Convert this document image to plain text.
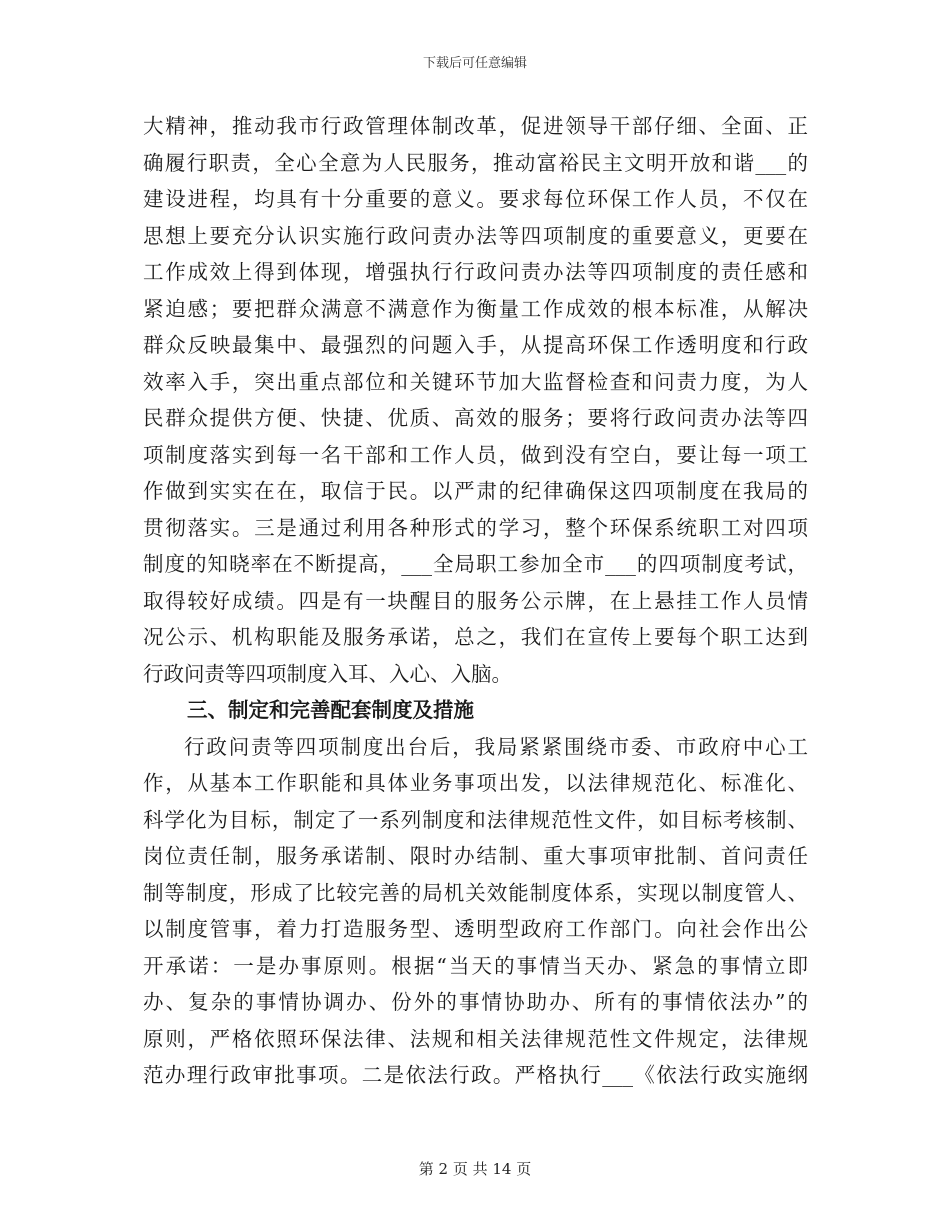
下载后可任意编辑
大精神，推动我市行政管理体制改革，促进领导干部仔细、全面、正
确履行职责，全心全意为人民服务，推动富裕民主文明开放和谐___的
建设进程，均具有十分重要的意义。要求每位环保工作人员，不仅在
思想上要充分认识实施行政问责办法等四项制度的重要意义，更要在
工作成效上得到体现，增强执行行政问责办法等四项制度的责任感和
紧迫感；要把群众满意不满意作为衡量工作成效的根本标准，从解决
群众反映最集中、最强烈的问题入手，从提高环保工作透明度和行政
效率入手，突出重点部位和关键环节加大监督检查和问责力度，为人
民群众提供方便、快捷、优质、高效的服务；要将行政问责办法等四
项制度落实到每一名干部和工作人员，做到没有空白，要让每一项工
作做到实实在在，取信于民。以严肃的纪律确保这四项制度在我局的
贯彻落实。三是通过利用各种形式的学习，整个环保系统职工对四项
制度的知晓率在不断提高，___全局职工参加全市___的四项制度考试，
取得较好成绩。四是有一块醒目的服务公示牌，在上悬挂工作人员情
况公示、机构职能及服务承诺，总之，我们在宣传上要每个职工达到
行政问责等四项制度入耳、入心、入脑。
三、制定和完善配套制度及措施
行政问责等四项制度出台后，我局紧紧围绕市委、市政府中心工
作，从基本工作职能和具体业务事项出发，以法律规范化、标准化、
科学化为目标，制定了一系列制度和法律规范性文件，如目标考核制、
岗位责任制，服务承诺制、限时办结制、重大事项审批制、首问责任
制等制度，形成了比较完善的局机关效能制度体系，实现以制度管人、
以制度管事，着力打造服务型、透明型政府工作部门。向社会作出公
开承诺：一是办事原则。根据“当天的事情当天办、紧急的事情立即
办、复杂的事情协调办、份外的事情协助办、所有的事情依法办”的
原则，严格依照环保法律、法规和相关法律规范性文件规定，法律规
范办理行政审批事项。二是依法行政。严格执行___《依法行政实施纲
第 2 页 共 14 页
